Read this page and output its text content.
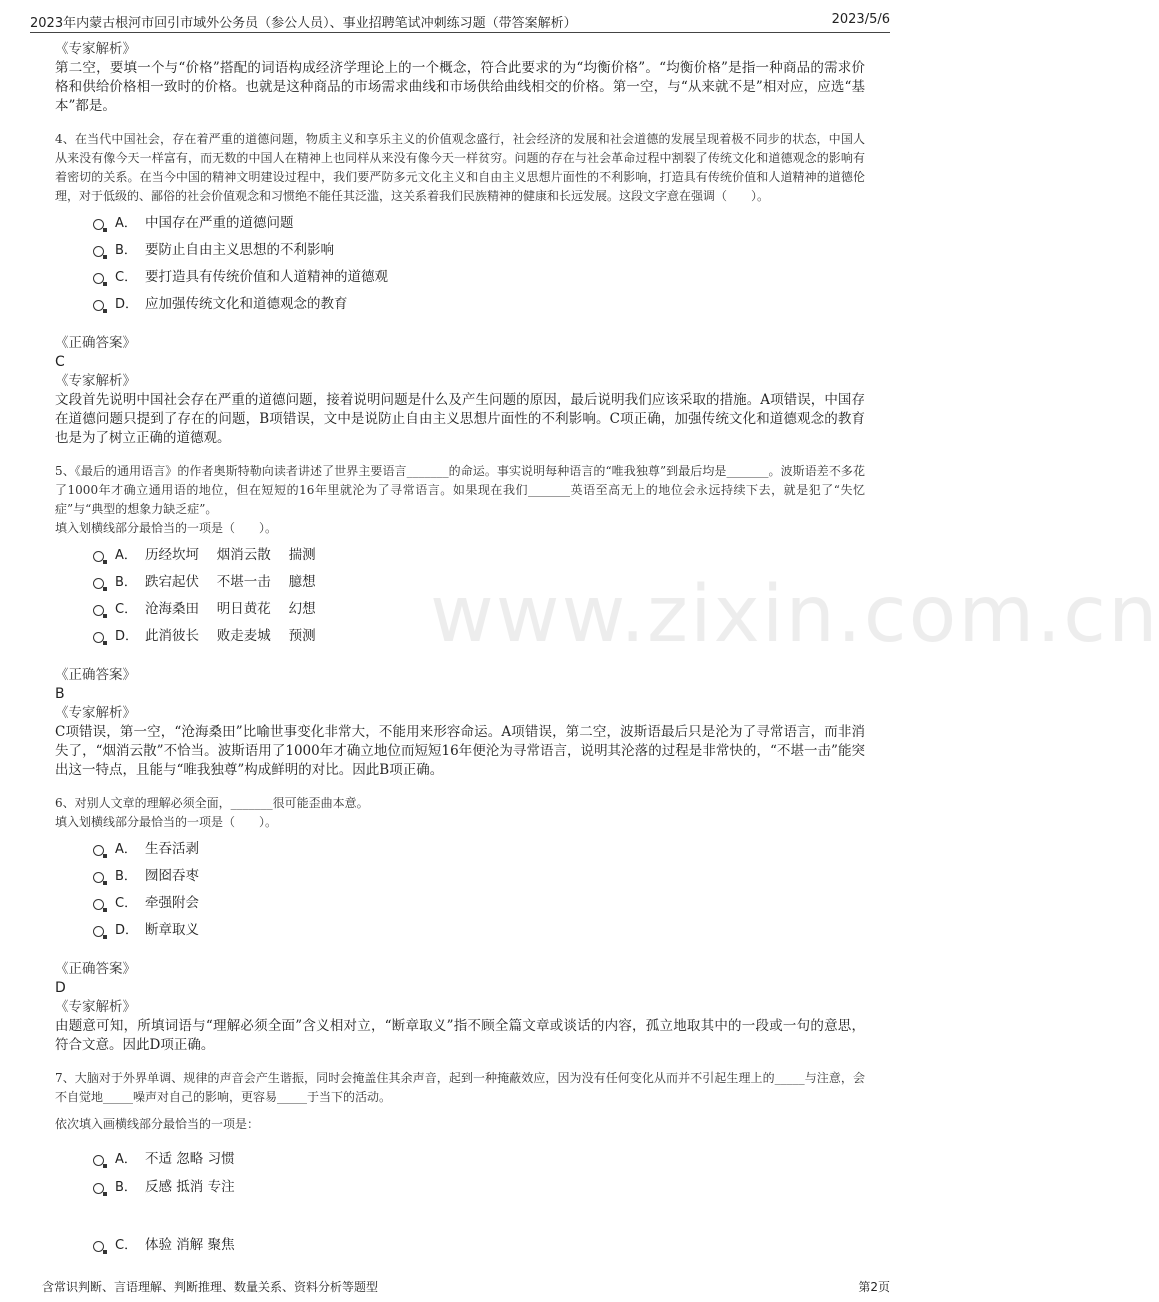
2023年内蒙古根河市回引市域外公务员（参公人员）、事业招聘笔试冲刺练习题（带答案解析）	2023/5/6
www.zixin.com.cn
《专家解析》

第二空，要填一个与“价格”搭配的词语构成经济学理论上的一个概念，符合此要求的为“均衡价格”。“均衡价格”是指一种商品的需求价格和供给价格相一致时的价格。也就是这种商品的市场需求曲线和市场供给曲线相交的价格。第一空，与“从来就不是”相对应，应选“基本”都是。

4、在当代中国社会，存在着严重的道德问题，物质主义和享乐主义的价值观念盛行，社会经济的发展和社会道德的发展呈现着极不同步的状态，中国人从来没有像今天一样富有，而无数的中国人在精神上也同样从来没有像今天一样贫穷。问题的存在与社会革命过程中割裂了传统文化和道德观念的影响有着密切的关系。在当今中国的精神文明建设过程中，我们要严防多元文化主义和自由主义思想片面性的不利影响，打造具有传统价值和人道精神的道德伦理，对于低级的、鄙俗的社会价值观念和习惯绝不能任其泛滥，这关系着我们民族精神的健康和长远发展。这段文字意在强调（　　）。

A． 中国存在严重的道德问题
B． 要防止自由主义思想的不利影响
C． 要打造具有传统价值和人道精神的道德观
D． 应加强传统文化和道德观念的教育
《正确答案》
C
《专家解析》

文段首先说明中国社会存在严重的道德问题，接着说明问题是什么及产生问题的原因，最后说明我们应该采取的措施。A项错误，中国存在道德问题只提到了存在的问题，B项错误，文中是说防止自由主义思想片面性的不利影响。C项正确，加强传统文化和道德观念的教育也是为了树立正确的道德观。

5、《最后的通用语言》的作者奥斯特勒向读者讲述了世界主要语言_______的命运。事实说明每种语言的“唯我独尊”到最后均是_______。波斯语差不多花了1000年才确立通用语的地位，但在短短的16年里就沦为了寻常语言。如果现在我们_______英语至高无上的地位会永远持续下去，就是犯了“失忆症”与“典型的想象力缺乏症”。

填入划横线部分最恰当的一项是（　　）。

A． 历经坎坷　 烟消云散　 揣测
B． 跌宕起伏　 不堪一击　 臆想
C． 沧海桑田　 明日黄花　 幻想
D． 此消彼长　 败走麦城　 预测
《正确答案》
B
《专家解析》

C项错误，第一空，“沧海桑田”比喻世事变化非常大，不能用来形容命运。A项错误，第二空，波斯语最后只是沦为了寻常语言，而非消失了，“烟消云散”不恰当。波斯语用了1000年才确立地位而短短16年便沦为寻常语言，说明其沦落的过程是非常快的，“不堪一击”能突出这一特点，且能与“唯我独尊”构成鲜明的对比。因此B项正确。

6、对别人文章的理解必须全面，_______很可能歪曲本意。

填入划横线部分最恰当的一项是（　　）。

A． 生吞活剥
B． 囫囵吞枣
C． 牵强附会
D． 断章取义
《正确答案》
D
《专家解析》

由题意可知，所填词语与“理解必须全面”含义相对立，“断章取义”指不顾全篇文章或谈话的内容，孤立地取其中的一段或一句的意思，符合文意。因此D项正确。

7、大脑对于外界单调、规律的声音会产生谐振，同时会掩盖住其余声音，起到一种掩蔽效应，因为没有任何变化从而并不引起生理上的_____与注意，会不自觉地_____噪声对自己的影响，更容易_____于当下的活动。

依次填入画横线部分最恰当的一项是：

A． 不适 忽略 习惯
B． 反感 抵消 专注
C． 体验 消解 聚焦
含常识判断、言语理解、判断推理、数量关系、资料分析等题型	第2页
